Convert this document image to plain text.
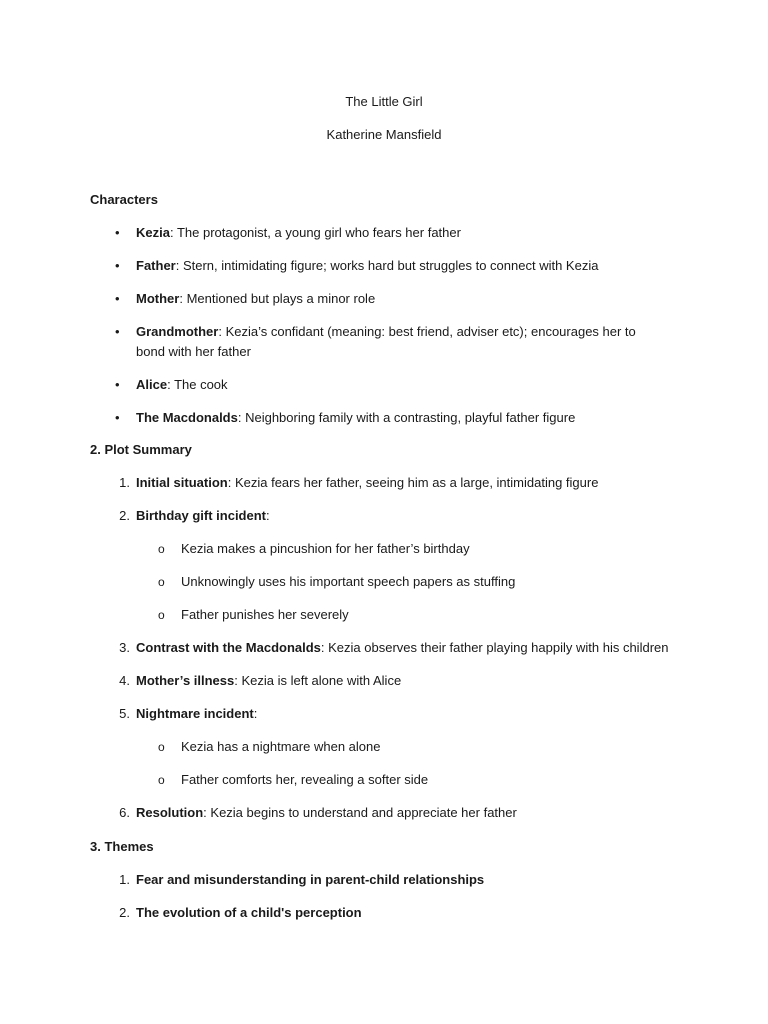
The Little Girl
Katherine Mansfield
Characters
• Kezia: The protagonist, a young girl who fears her father
• Father: Stern, intimidating figure; works hard but struggles to connect with Kezia
• Mother: Mentioned but plays a minor role
• Grandmother: Kezia’s confidant (meaning: best friend, adviser etc); encourages her to bond with her father
• Alice: The cook
• The Macdonalds: Neighboring family with a contrasting, playful father figure
2. Plot Summary
1. Initial situation: Kezia fears her father, seeing him as a large, intimidating figure
2. Birthday gift incident:
o Kezia makes a pincushion for her father’s birthday
o Unknowingly uses his important speech papers as stuffing
o Father punishes her severely
3. Contrast with the Macdonalds: Kezia observes their father playing happily with his children
4. Mother’s illness: Kezia is left alone with Alice
5. Nightmare incident:
o Kezia has a nightmare when alone
o Father comforts her, revealing a softer side
6. Resolution: Kezia begins to understand and appreciate her father
3. Themes
1. Fear and misunderstanding in parent-child relationships
2. The evolution of a child's perception
